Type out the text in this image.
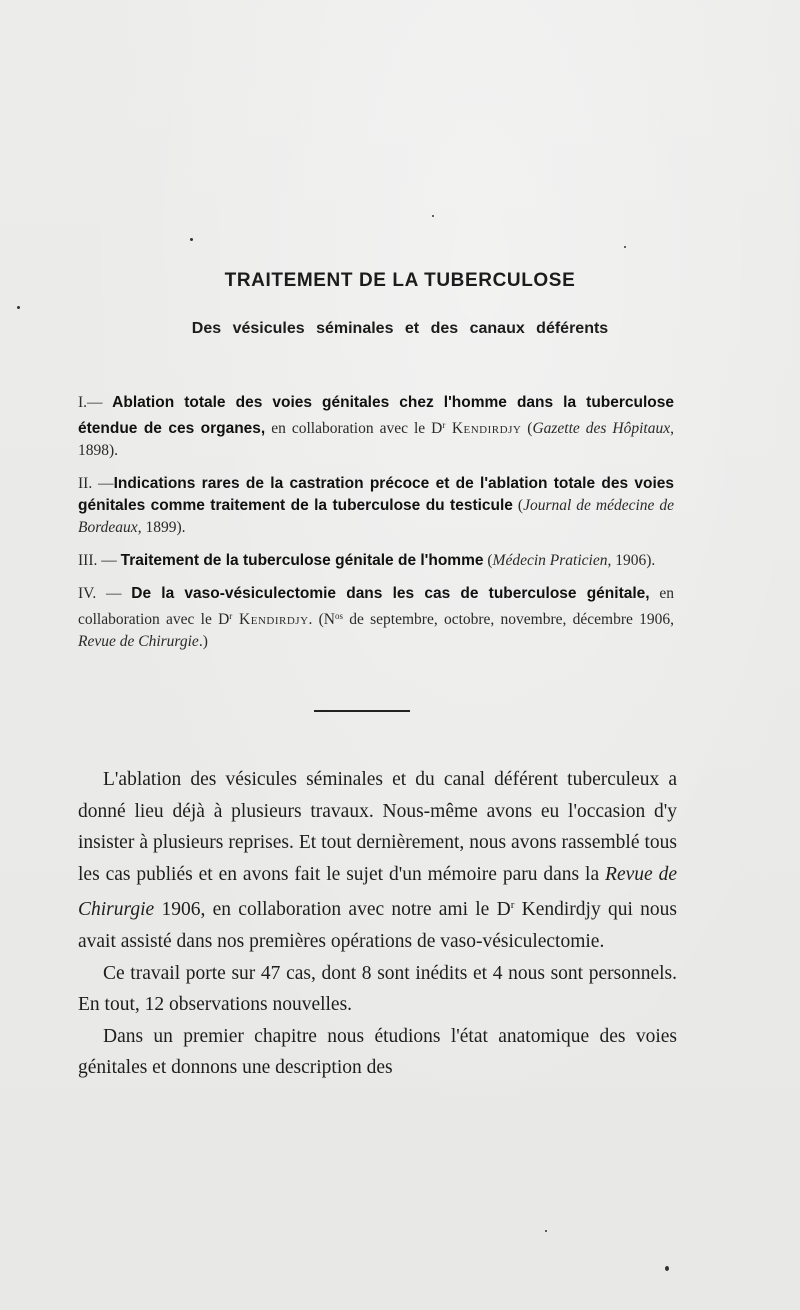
TRAITEMENT DE LA TUBERCULOSE
Des vésicules séminales et des canaux déférents
I.— Ablation totale des voies génitales chez l'homme dans la tuberculose étendue de ces organes, en collaboration avec le $D^r$ Kendirdjy (Gazette des Hôpitaux, 1898).
II. —Indications rares de la castration précoce et de l'ablation totale des voies génitales comme traitement de la tuberculose du testicule (Journal de médecine de Bordeaux, 1899).
III. — Traitement de la tuberculose génitale de l'homme (Médecin Praticien, 1906).
IV. — De la vaso-vésiculectomie dans les cas de tuberculose génitale, en collaboration avec le $D^r$ Kendirdjy. ($N^{os}$ de septembre, octobre, novembre, décembre 1906, Revue de Chirurgie.)

L'ablation des vésicules séminales et du canal déférent tuberculeux a donné lieu déjà à plusieurs travaux. Nous-même avons eu l'occasion d'y insister à plusieurs reprises. Et tout dernièrement, nous avons rassemblé tous les cas publiés et en avons fait le sujet d'un mémoire paru dans la Revue de Chirurgie 1906, en collaboration avec notre ami le $D^r$ Kendirdjy qui nous avait assisté dans nos premières opérations de vaso-vésiculectomie.

Ce travail porte sur 47 cas, dont 8 sont inédits et 4 nous sont personnels. En tout, 12 observations nouvelles.

Dans un premier chapitre nous étudions l'état anatomique des voies génitales et donnons une description des
